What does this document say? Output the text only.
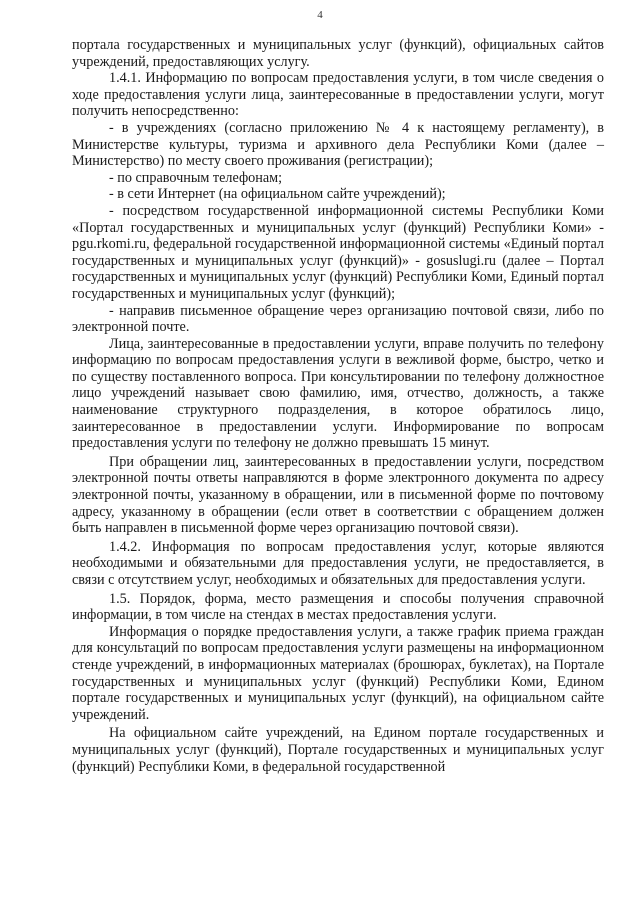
4

портала государственных и муниципальных услуг (функций), официальных сайтов учреждений, предоставляющих услугу.

1.4.1. Информацию по вопросам предоставления услуги, в том числе сведения о ходе предоставления услуги лица, заинтересованные в предоставлении услуги, могут получить непосредственно:

- в учреждениях (согласно приложению № 4 к настоящему регламенту), в Министерстве культуры, туризма и архивного дела Республики Коми (далее – Министерство) по месту своего проживания (регистрации);

- по справочным телефонам;

- в сети Интернет (на официальном сайте учреждений);

- посредством государственной информационной системы Республики Коми «Портал государственных и муниципальных услуг (функций) Республики Коми» - pgu.rkomi.ru, федеральной государственной информационной системы «Единый портал государственных и муниципальных услуг (функций)» - gosuslugi.ru (далее – Портал государственных и муниципальных услуг (функций) Республики Коми, Единый портал государственных и муниципальных услуг (функций);

- направив письменное обращение через организацию почтовой связи, либо по электронной почте.

Лица, заинтересованные в предоставлении услуги, вправе получить по телефону информацию по вопросам предоставления услуги в вежливой форме, быстро, четко и по существу поставленного вопроса. При консультировании по телефону должностное лицо учреждений называет свою фамилию, имя, отчество, должность, а также наименование структурного подразделения, в которое обратилось лицо, заинтересованное в предоставлении услуги. Информирование по вопросам предоставления услуги по телефону не должно превышать 15 минут.

При обращении лиц, заинтересованных в предоставлении услуги, посредством электронной почты ответы направляются в форме электронного документа по адресу электронной почты, указанному в обращении, или в письменной форме по почтовому адресу, указанному в обращении (если ответ в соответствии с обращением должен быть направлен в письменной форме через организацию почтовой связи).

1.4.2. Информация по вопросам предоставления услуг, которые являются необходимыми и обязательными для предоставления услуги, не предоставляется, в связи с отсутствием услуг, необходимых и обязательных для предоставления услуги.

1.5. Порядок, форма, место размещения и способы получения справочной информации, в том числе на стендах в местах предоставления услуги.

Информация о порядке предоставления услуги, а также график приема граждан для консультаций по вопросам предоставления услуги размещены на информационном стенде учреждений, в информационных материалах (брошюрах, буклетах), на Портале государственных и муниципальных услуг (функций) Республики Коми, Едином портале государственных и муниципальных услуг (функций), на официальном сайте учреждений.

На официальном сайте учреждений, на Едином портале государственных и муниципальных услуг (функций), Портале государственных и муниципальных услуг (функций) Республики Коми, в федеральной государственной
